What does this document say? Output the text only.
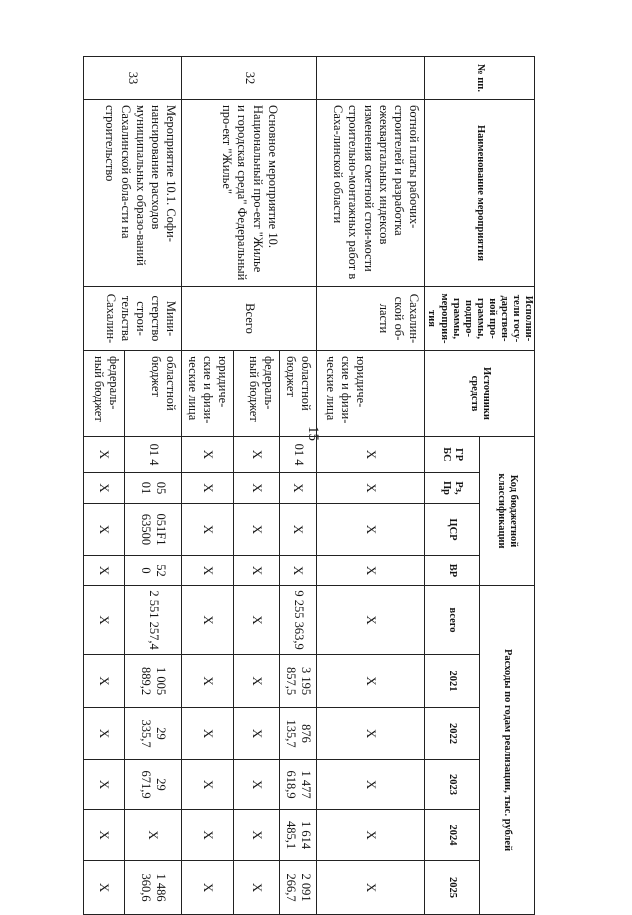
15
№ пп.	Наименование мероприятия	Исполни-тели госу-дарствен-ной про-граммы, подпро-граммы, мероприя-тия	Источники средств	Код бюджетной классификации				Расходы по годам реализации, тыс. рублей					
				ГР БС	Рз, Пр	ЦСР	ВР	всего	2021	2022	2023	2024	2025
	ботной платы рабочих-строителей и разработка ежеквартальных индексов изменения сметной стои-мости строительно-монтажных работ в Саха-линской области	Сахалин-ской об-ласти	юридиче-ские и физи-ческие лица	X	X	X	X	X	X	X	X	X	X
32	Основное мероприятие 10. Национальный про-ект "Жилье и городская среда" Федеральный про-ект "Жилье"	Всего	областной бюджет	01 4	X	X	X	9 255 363,9	3 195 857,5	876 135,7	1 477 618,9	1 614 485,1	2 091 266,7
			федераль-ный бюджет	X	X	X	X	X	X	X	X	X	X
			юридиче-ские и физи-ческие лица	X	X	X	X	X	X	X	X	X	X
33	Мероприятие 10.1. Софи-нансирование расходов муниципальных образо-ваний Сахалинской обла-сти на строительство	Мини-стерство строи-тельства Сахалин-	областной бюджет	01 4	05 01	051F1 63500	52 0	2 551 257,4	1 005 889,2	29 335,7	29 671,9	X	1 486 360,6
			федераль-ный бюджет	X	X	X	X	X	X	X	X	X	X
